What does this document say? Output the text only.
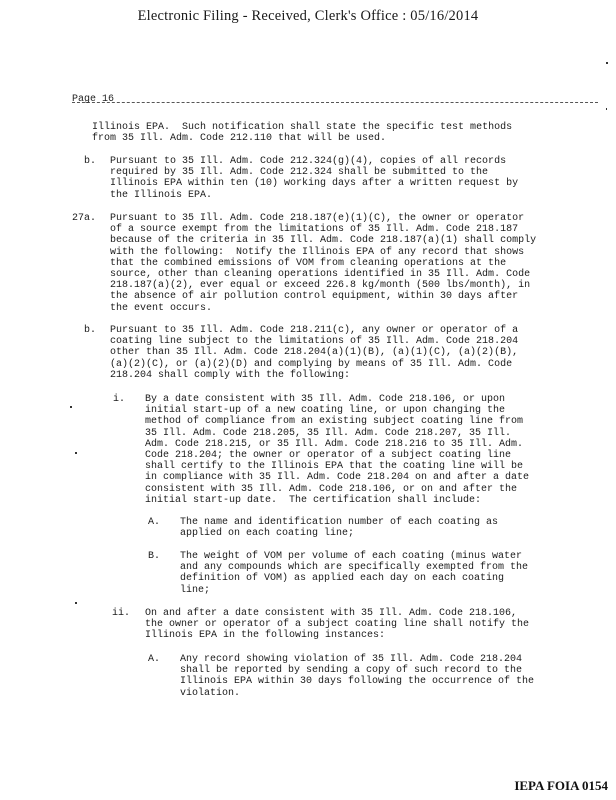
Electronic Filing - Received, Clerk's Office : 05/16/2014
Page 16
Illinois EPA.  Such notification shall state the specific test methods
from 35 Ill. Adm. Code 212.110 that will be used.
b. Pursuant to 35 Ill. Adm. Code 212.324(g)(4), copies of all records
required by 35 Ill. Adm. Code 212.324 shall be submitted to the
Illinois EPA within ten (10) working days after a written request by
the Illinois EPA.
27a. Pursuant to 35 Ill. Adm. Code 218.187(e)(1)(C), the owner or operator
of a source exempt from the limitations of 35 Ill. Adm. Code 218.187
because of the criteria in 35 Ill. Adm. Code 218.187(a)(1) shall comply
with the following:  Notify the Illinois EPA of any record that shows
that the combined emissions of VOM from cleaning operations at the
source, other than cleaning operations identified in 35 Ill. Adm. Code
218.187(a)(2), ever equal or exceed 226.8 kg/month (500 lbs/month), in
the absence of air pollution control equipment, within 30 days after
the event occurs.
b. Pursuant to 35 Ill. Adm. Code 218.211(c), any owner or operator of a
coating line subject to the limitations of 35 Ill. Adm. Code 218.204
other than 35 Ill. Adm. Code 218.204(a)(1)(B), (a)(1)(C), (a)(2)(B),
(a)(2)(C), or (a)(2)(D) and complying by means of 35 Ill. Adm. Code
218.204 shall comply with the following:
i. By a date consistent with 35 Ill. Adm. Code 218.106, or upon
initial start-up of a new coating line, or upon changing the
method of compliance from an existing subject coating line from
35 Ill. Adm. Code 218.205, 35 Ill. Adm. Code 218.207, 35 Ill.
Adm. Code 218.215, or 35 Ill. Adm. Code 218.216 to 35 Ill. Adm.
Code 218.204; the owner or operator of a subject coating line
shall certify to the Illinois EPA that the coating line will be
in compliance with 35 Ill. Adm. Code 218.204 on and after a date
consistent with 35 Ill. Adm. Code 218.106, or on and after the
initial start-up date.  The certification shall include:
A. The name and identification number of each coating as
applied on each coating line;
B. The weight of VOM per volume of each coating (minus water
and any compounds which are specifically exempted from the
definition of VOM) as applied each day on each coating
line;
ii. On and after a date consistent with 35 Ill. Adm. Code 218.106,
the owner or operator of a subject coating line shall notify the
Illinois EPA in the following instances:
A. Any record showing violation of 35 Ill. Adm. Code 218.204
shall be reported by sending a copy of such record to the
Illinois EPA within 30 days following the occurrence of the
violation.
IEPA FOIA 0154
